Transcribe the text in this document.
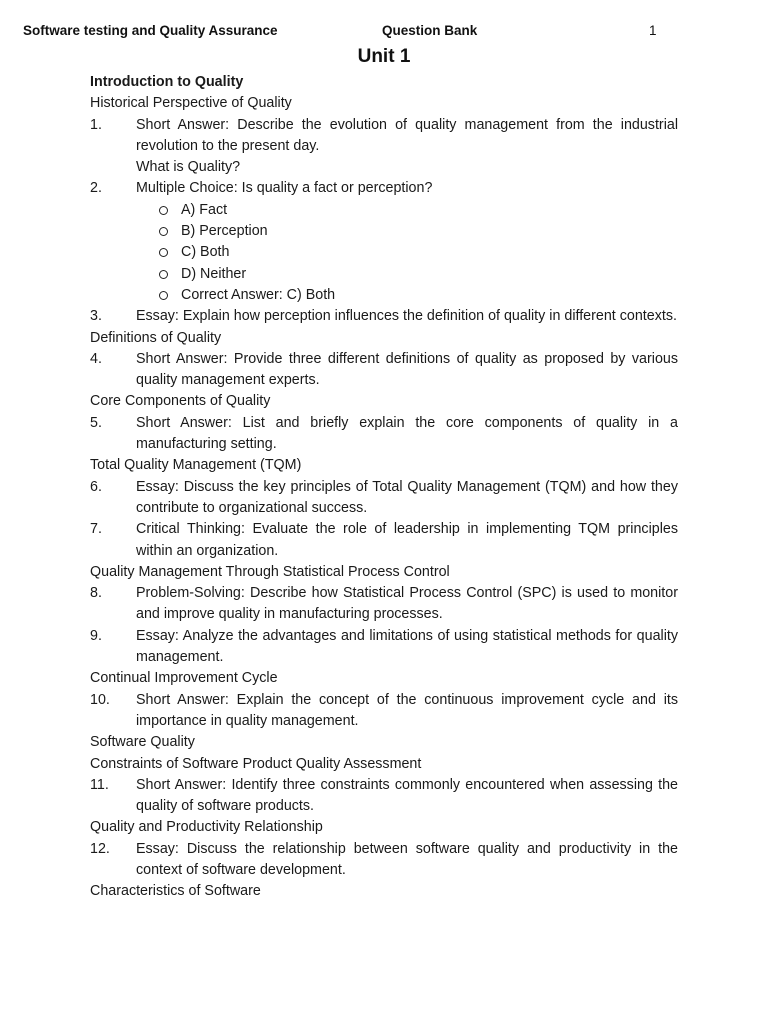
Software testing and Quality Assurance	Question Bank	1
Unit 1
Introduction to Quality
Historical Perspective of Quality
1.	Short Answer: Describe the evolution of quality management from the industrial revolution to the present day.
What is Quality?
2.	Multiple Choice: Is quality a fact or perception?
A) Fact
B) Perception
C) Both
D) Neither
Correct Answer: C) Both
3.	Essay: Explain how perception influences the definition of quality in different contexts.
Definitions of Quality
4.	Short Answer: Provide three different definitions of quality as proposed by various quality management experts.
Core Components of Quality
5.	Short Answer: List and briefly explain the core components of quality in a manufacturing setting.
Total Quality Management (TQM)
6.	Essay: Discuss the key principles of Total Quality Management (TQM) and how they contribute to organizational success.
7.	Critical Thinking: Evaluate the role of leadership in implementing TQM principles within an organization.
Quality Management Through Statistical Process Control
8.	Problem-Solving: Describe how Statistical Process Control (SPC) is used to monitor and improve quality in manufacturing processes.
9.	Essay: Analyze the advantages and limitations of using statistical methods for quality management.
Continual Improvement Cycle
10.	Short Answer: Explain the concept of the continuous improvement cycle and its importance in quality management.
Software Quality
Constraints of Software Product Quality Assessment
11.	Short Answer: Identify three constraints commonly encountered when assessing the quality of software products.
Quality and Productivity Relationship
12.	Essay: Discuss the relationship between software quality and productivity in the context of software development.
Characteristics of Software
